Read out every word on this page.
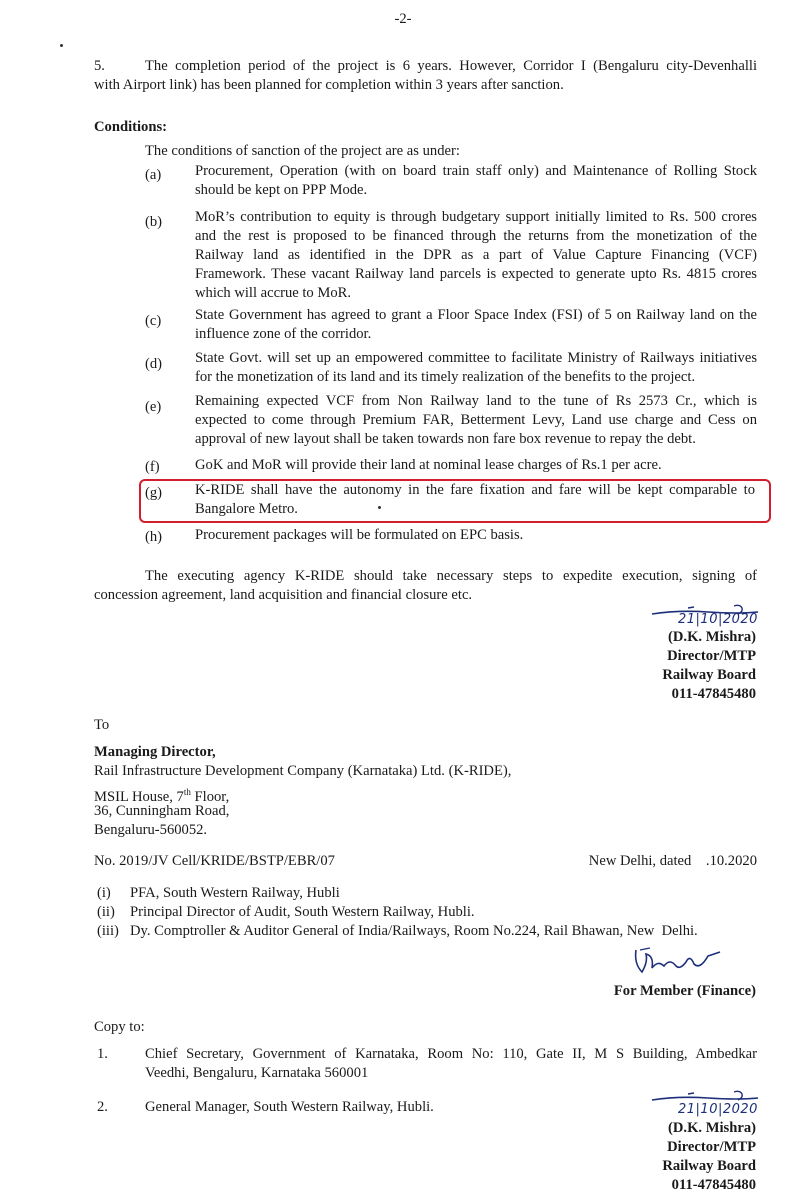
-2-
5.	The completion period of the project is 6 years. However, Corridor I (Bengaluru city-Devenhalli
with Airport link) has been planned for completion within 3 years after sanction.
Conditions:
The conditions of sanction of the project are as under:
(a) Procurement, Operation (with on board train staff only) and Maintenance of Rolling Stock
should be kept on PPP Mode.
(b) MoR’s contribution to equity is through budgetary support initially limited to Rs. 500 crores
and the rest is proposed to be financed through the returns from the monetization of the
Railway land as identified in the DPR as a part of Value Capture Financing (VCF)
Framework. These vacant Railway land parcels is expected to generate upto Rs. 4815 crores
which will accrue to MoR.
(c) State Government has agreed to grant a Floor Space Index (FSI) of 5 on Railway land on the
influence zone of the corridor.
(d) State Govt. will set up an empowered committee to facilitate Ministry of Railways initiatives
for the monetization of its land and its timely realization of the benefits to the project.
(e) Remaining expected VCF from Non Railway land to the tune of Rs 2573 Cr., which is
expected to come through Premium FAR, Betterment Levy, Land use charge and Cess on
approval of new layout shall be taken towards non fare box revenue to repay the debt.
(f) GoK and MoR will provide their land at nominal lease charges of Rs.1 per acre.
(g) K-RIDE shall have the autonomy in the fare fixation and fare will be kept comparable to
Bangalore Metro.
(h) Procurement packages will be formulated on EPC basis.
The executing agency K-RIDE should take necessary steps to expedite execution, signing of
concession agreement, land acquisition and financial closure etc.
21|10|2020
(D.K. Mishra)
Director/MTP
Railway Board
011-47845480
To
Managing Director,
Rail Infrastructure Development Company (Karnataka) Ltd. (K-RIDE),
MSIL House, 7th Floor,
36, Cunningham Road,
Bengaluru-560052.
No. 2019/JV Cell/KRIDE/BSTP/EBR/07	New Delhi, dated    .10.2020
(i) PFA, South Western Railway, Hubli
(ii) Principal Director of Audit, South Western Railway, Hubli.
(iii) Dy. Comptroller & Auditor General of India/Railways, Room No.224, Rail Bhawan, New  Delhi.
For Member (Finance)
Copy to:
1.	Chief Secretary, Government of Karnataka, Room No: 110, Gate II, M S Building, Ambedkar
Veedhi, Bengaluru, Karnataka 560001
2.	General Manager, South Western Railway, Hubli.	21|10|2020
(D.K. Mishra)
Director/MTP
Railway Board
011-47845480
